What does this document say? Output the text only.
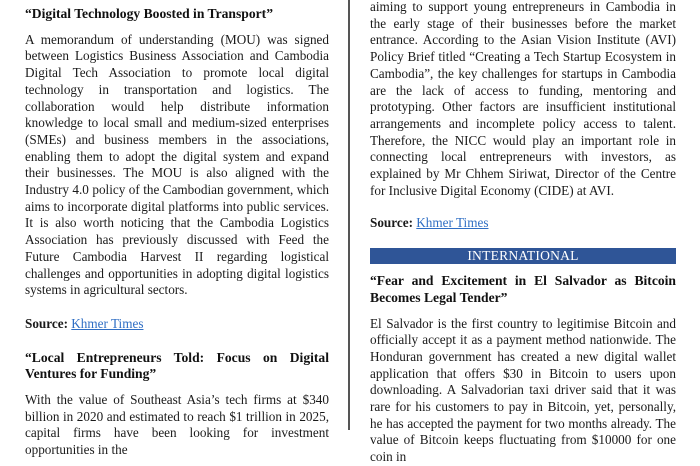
“Digital Technology Boosted in Transport”

A memorandum of understanding (MOU) was signed between Logistics Business Association and Cambodia Digital Tech Association to promote local digital technology in transportation and logistics. The collaboration would help distribute information knowledge to local small and medium-sized enterprises (SMEs) and business members in the associations, enabling them to adopt the digital system and expand their businesses. The MOU is also aligned with the Industry 4.0 policy of the Cambodian government, which aims to incorporate digital platforms into public services. It is also worth noticing that the Cambodia Logistics Association has previously discussed with Feed the Future Cambodia Harvest II regarding logistical challenges and opportunities in adopting digital logistics systems in agricultural sectors.

Source: Khmer Times

“Local Entrepreneurs Told: Focus on Digital Ventures for Funding”

With the value of Southeast Asia’s tech firms at $340 billion in 2020 and estimated to reach $1 trillion in 2025, capital firms have been looking for investment opportunities in the

aiming to support young entrepreneurs in Cambodia in the early stage of their businesses before the market entrance. According to the Asian Vision Institute (AVI) Policy Brief titled “Creating a Tech Startup Ecosystem in Cambodia”, the key challenges for startups in Cambodia are the lack of access to funding, mentoring and prototyping. Other factors are insufficient institutional arrangements and incomplete policy access to talent. Therefore, the NICC would play an important role in connecting local entrepreneurs with investors, as explained by Mr Chhem Siriwat, Director of the Centre for Inclusive Digital Economy (CIDE) at AVI.

Source: Khmer Times

INTERNATIONAL
“Fear and Excitement in El Salvador as Bitcoin Becomes Legal Tender”

El Salvador is the first country to legitimise Bitcoin and officially accept it as a payment method nationwide. The Honduran government has created a new digital wallet application that offers $30 in Bitcoin to users upon downloading. A Salvadorian taxi driver said that it was rare for his customers to pay in Bitcoin, yet, personally, he has accepted the payment for two months already. The value of Bitcoin keeps fluctuating from $10000 for one coin in
